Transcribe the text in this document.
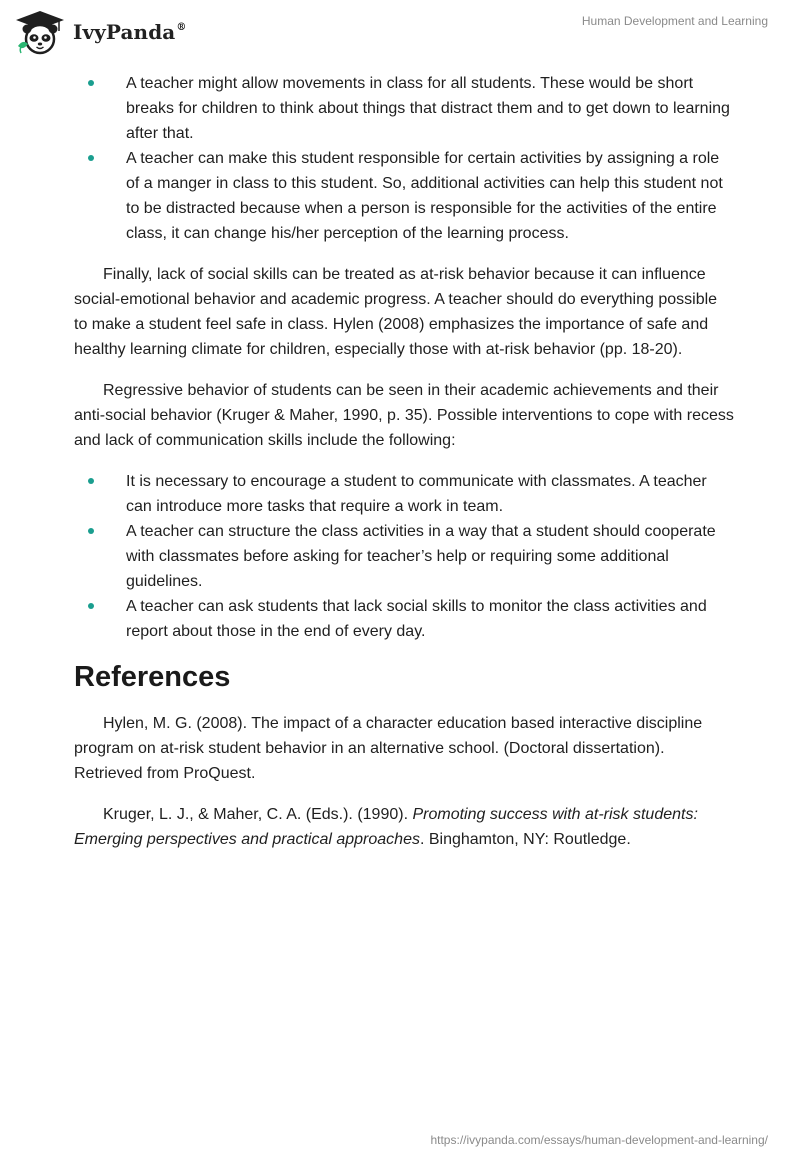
IvyPanda®	Human Development and Learning
A teacher might allow movements in class for all students. These would be short breaks for children to think about things that distract them and to get down to learning after that.
A teacher can make this student responsible for certain activities by assigning a role of a manger in class to this student. So, additional activities can help this student not to be distracted because when a person is responsible for the activities of the entire class, it can change his/her perception of the learning process.

Finally, lack of social skills can be treated as at-risk behavior because it can influence social-emotional behavior and academic progress. A teacher should do everything possible to make a student feel safe in class. Hylen (2008) emphasizes the importance of safe and healthy learning climate for children, especially those with at-risk behavior (pp. 18-20).

Regressive behavior of students can be seen in their academic achievements and their anti-social behavior (Kruger & Maher, 1990, p. 35). Possible interventions to cope with recess and lack of communication skills include the following:

It is necessary to encourage a student to communicate with classmates. A teacher can introduce more tasks that require a work in team.
A teacher can structure the class activities in a way that a student should cooperate with classmates before asking for teacher’s help or requiring some additional guidelines.
A teacher can ask students that lack social skills to monitor the class activities and report about those in the end of every day.
References

Hylen, M. G. (2008). The impact of a character education based interactive discipline program on at-risk student behavior in an alternative school. (Doctoral dissertation). Retrieved from ProQuest.

Kruger, L. J., & Maher, C. A. (Eds.). (1990). Promoting success with at-risk students: Emerging perspectives and practical approaches. Binghamton, NY: Routledge.

https://ivypanda.com/essays/human-development-and-learning/
